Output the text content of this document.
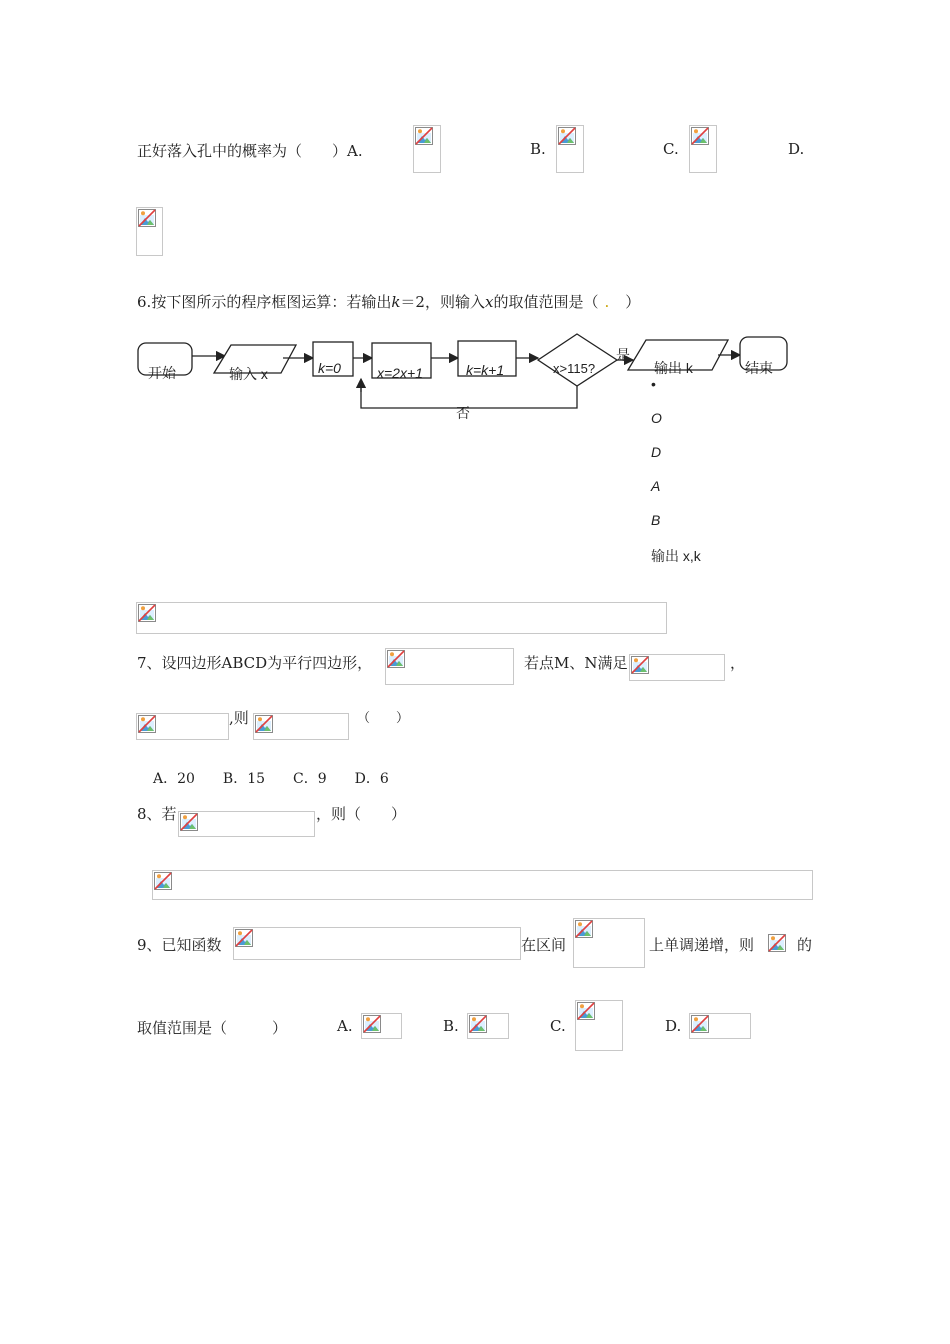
正好落入孔中的概率为（　　）A.	B.	C.	D.
6.按下图所示的程序框图运算：若输出k＝2，则输入x的取值范围是（ . ）
开始	输入 x	k=0	x=2x+1	k=k+1	x>115?
是
否
输出 k	结束
•
O
D
A
B
输出 x,k
7、设四边形ABCD为平行四边形，	若点M、N满足	，
,则	（　　）
A．20　　B．15　　C．9　　D．6
8、若	，则（　　）
9、已知函数	在区间	上单调递增，则	的
取值范围是（　　　）	A.	B.	C.	D.
